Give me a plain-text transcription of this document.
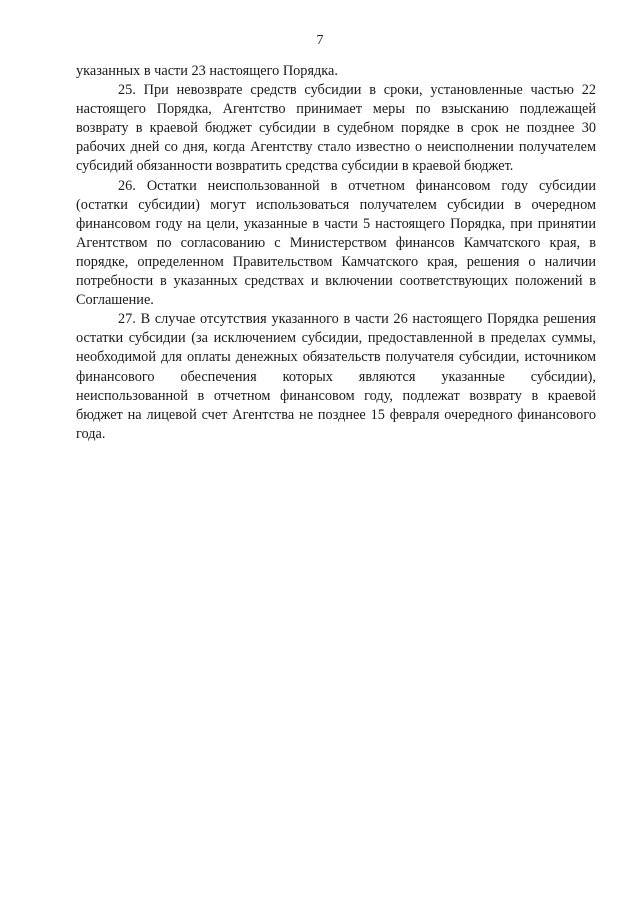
7

указанных в части 23 настоящего Порядка.

25. При невозврате средств субсидии в сроки, установленные частью 22 настоящего Порядка, Агентство принимает меры по взысканию подлежащей возврату в краевой бюджет субсидии в судебном порядке в срок не позднее 30 рабочих дней со дня, когда Агентству стало известно о неисполнении получателем субсидий обязанности возвратить средства субсидии в краевой бюджет.

26. Остатки неиспользованной в отчетном финансовом году субсидии (остатки субсидии) могут использоваться получателем субсидии в очередном финансовом году на цели, указанные в части 5 настоящего Порядка, при принятии Агентством по согласованию с Министерством финансов Камчатского края, в порядке, определенном Правительством Камчатского края, решения о наличии потребности в указанных средствах и включении соответствующих положений в Соглашение.

27. В случае отсутствия указанного в части 26 настоящего Порядка решения остатки субсидии (за исключением субсидии, предоставленной в пределах суммы, необходимой для оплаты денежных обязательств получателя субсидии, источником финансового обеспечения которых являются указанные субсидии), неиспользованной в отчетном финансовом году, подлежат возврату в краевой бюджет на лицевой счет Агентства не позднее 15 февраля очередного финансового года.
